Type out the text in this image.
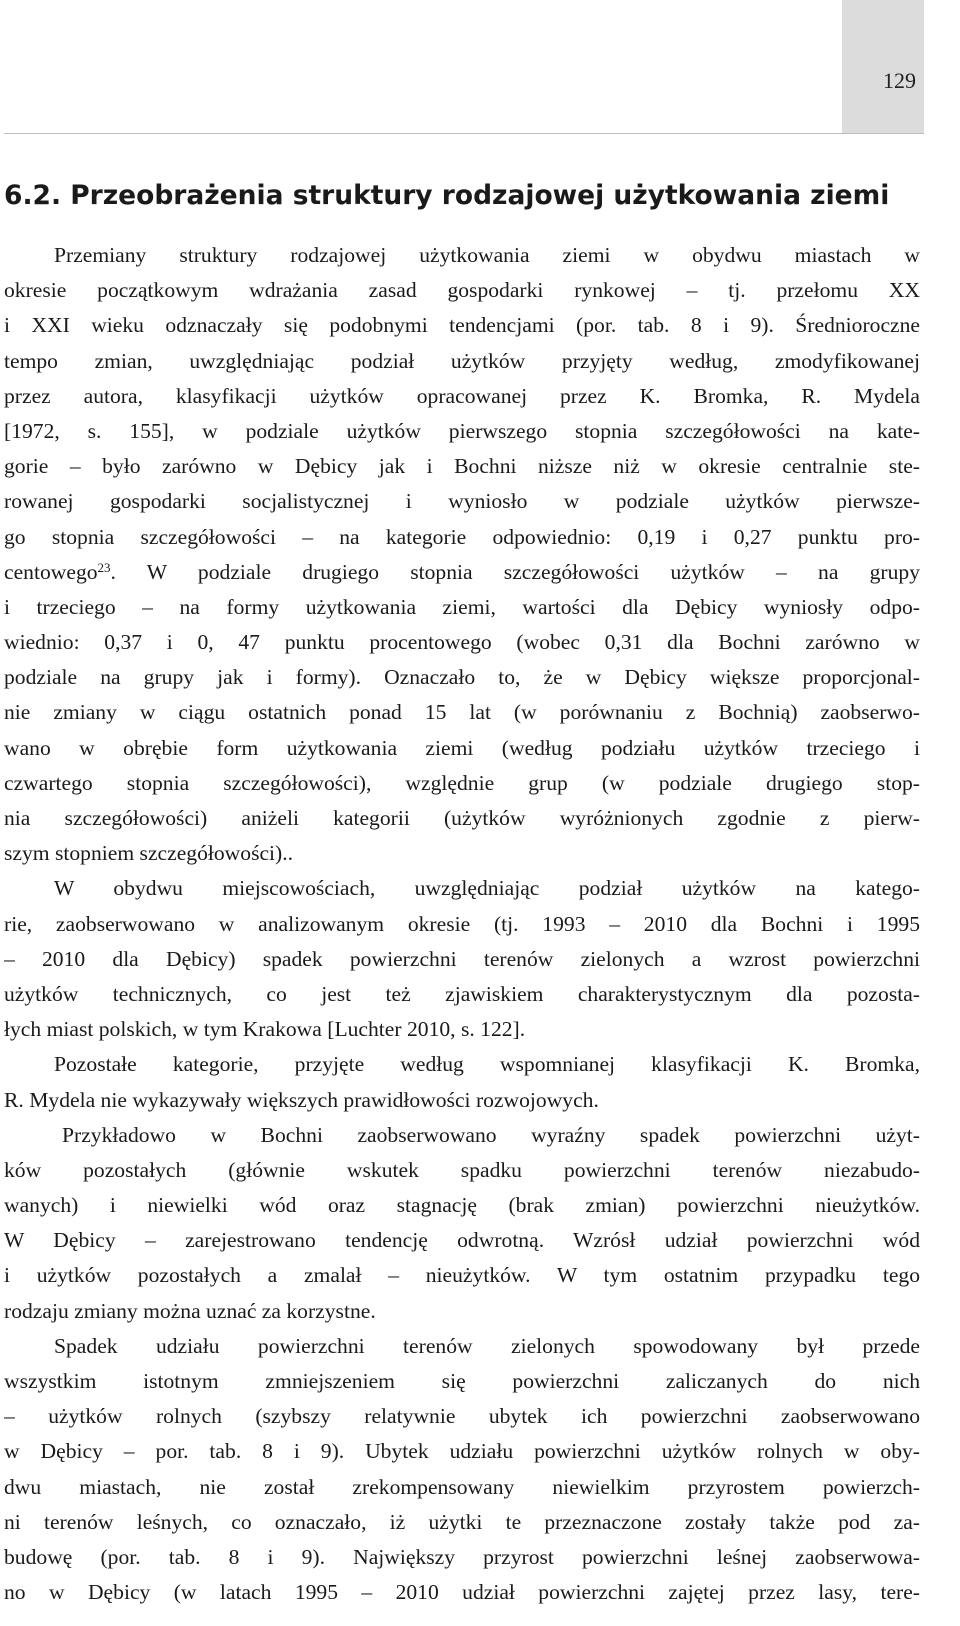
129
6.2. Przeobrażenia struktury rodzajowej użytkowania ziemi
Przemiany struktury rodzajowej użytkowania ziemi w obydwu miastach w
okresie początkowym wdrażania zasad gospodarki rynkowej – tj. przełomu XX
i XXI wieku odznaczały się podobnymi tendencjami (por. tab. 8 i 9). Średnioroczne
tempo zmian, uwzględniając podział użytków przyjęty według, zmodyfikowanej
przez autora, klasyfikacji użytków opracowanej przez K. Bromka, R. Mydela
[1972, s. 155], w podziale użytków pierwszego stopnia szczegółowości na kate-
gorie – było zarówno w Dębicy jak i Bochni niższe niż w okresie centralnie ste-
rowanej gospodarki socjalistycznej i wyniosło w podziale użytków pierwsze-
go stopnia szczegółowości – na kategorie odpowiednio: 0,19 i 0,27 punktu pro-
centowego$^{23}$. W podziale drugiego stopnia szczegółowości użytków – na grupy
i trzeciego – na formy użytkowania ziemi, wartości dla Dębicy wyniosły odpo-
wiednio: 0,37 i 0, 47 punktu procentowego (wobec 0,31 dla Bochni zarówno w
podziale na grupy jak i formy). Oznaczało to, że w Dębicy większe proporcjonal-
nie zmiany w ciągu ostatnich ponad 15 lat (w porównaniu z Bochnią) zaobserwo-
wano w obrębie form użytkowania ziemi (według podziału użytków trzeciego i
czwartego stopnia szczegółowości), względnie grup (w podziale drugiego stop-
nia szczegółowości) aniżeli kategorii (użytków wyróżnionych zgodnie z pierw-
szym stopniem szczegółowości)..
W obydwu miejscowościach, uwzględniając podział użytków na katego-
rie, zaobserwowano w analizowanym okresie (tj. 1993 – 2010 dla Bochni i 1995
– 2010 dla Dębicy) spadek powierzchni terenów zielonych a wzrost powierzchni
użytków technicznych, co jest też zjawiskiem charakterystycznym dla pozosta-
łych miast polskich, w tym Krakowa [Luchter 2010, s. 122].
Pozostałe kategorie, przyjęte według wspomnianej klasyfikacji K. Bromka,
R. Mydela nie wykazywały większych prawidłowości rozwojowych.
Przykładowo w Bochni zaobserwowano wyraźny spadek powierzchni użyt-
ków pozostałych (głównie wskutek spadku powierzchni terenów niezabudo-
wanych) i niewielki wód oraz stagnację (brak zmian) powierzchni nieużytków.
W Dębicy – zarejestrowano tendencję odwrotną. Wzrósł udział powierzchni wód
i użytków pozostałych a zmalał – nieużytków. W tym ostatnim przypadku tego
rodzaju zmiany można uznać za korzystne.
Spadek udziału powierzchni terenów zielonych spowodowany był przede
wszystkim istotnym zmniejszeniem się powierzchni zaliczanych do nich
– użytków rolnych (szybszy relatywnie ubytek ich powierzchni zaobserwowano
w Dębicy – por. tab. 8 i 9). Ubytek udziału powierzchni użytków rolnych w oby-
dwu miastach, nie został zrekompensowany niewielkim przyrostem powierzch-
ni terenów leśnych, co oznaczało, iż użytki te przeznaczone zostały także pod za-
budowę (por. tab. 8 i 9). Największy przyrost powierzchni leśnej zaobserwowa-
no w Dębicy (w latach 1995 – 2010 udział powierzchni zajętej przez lasy, tere-
